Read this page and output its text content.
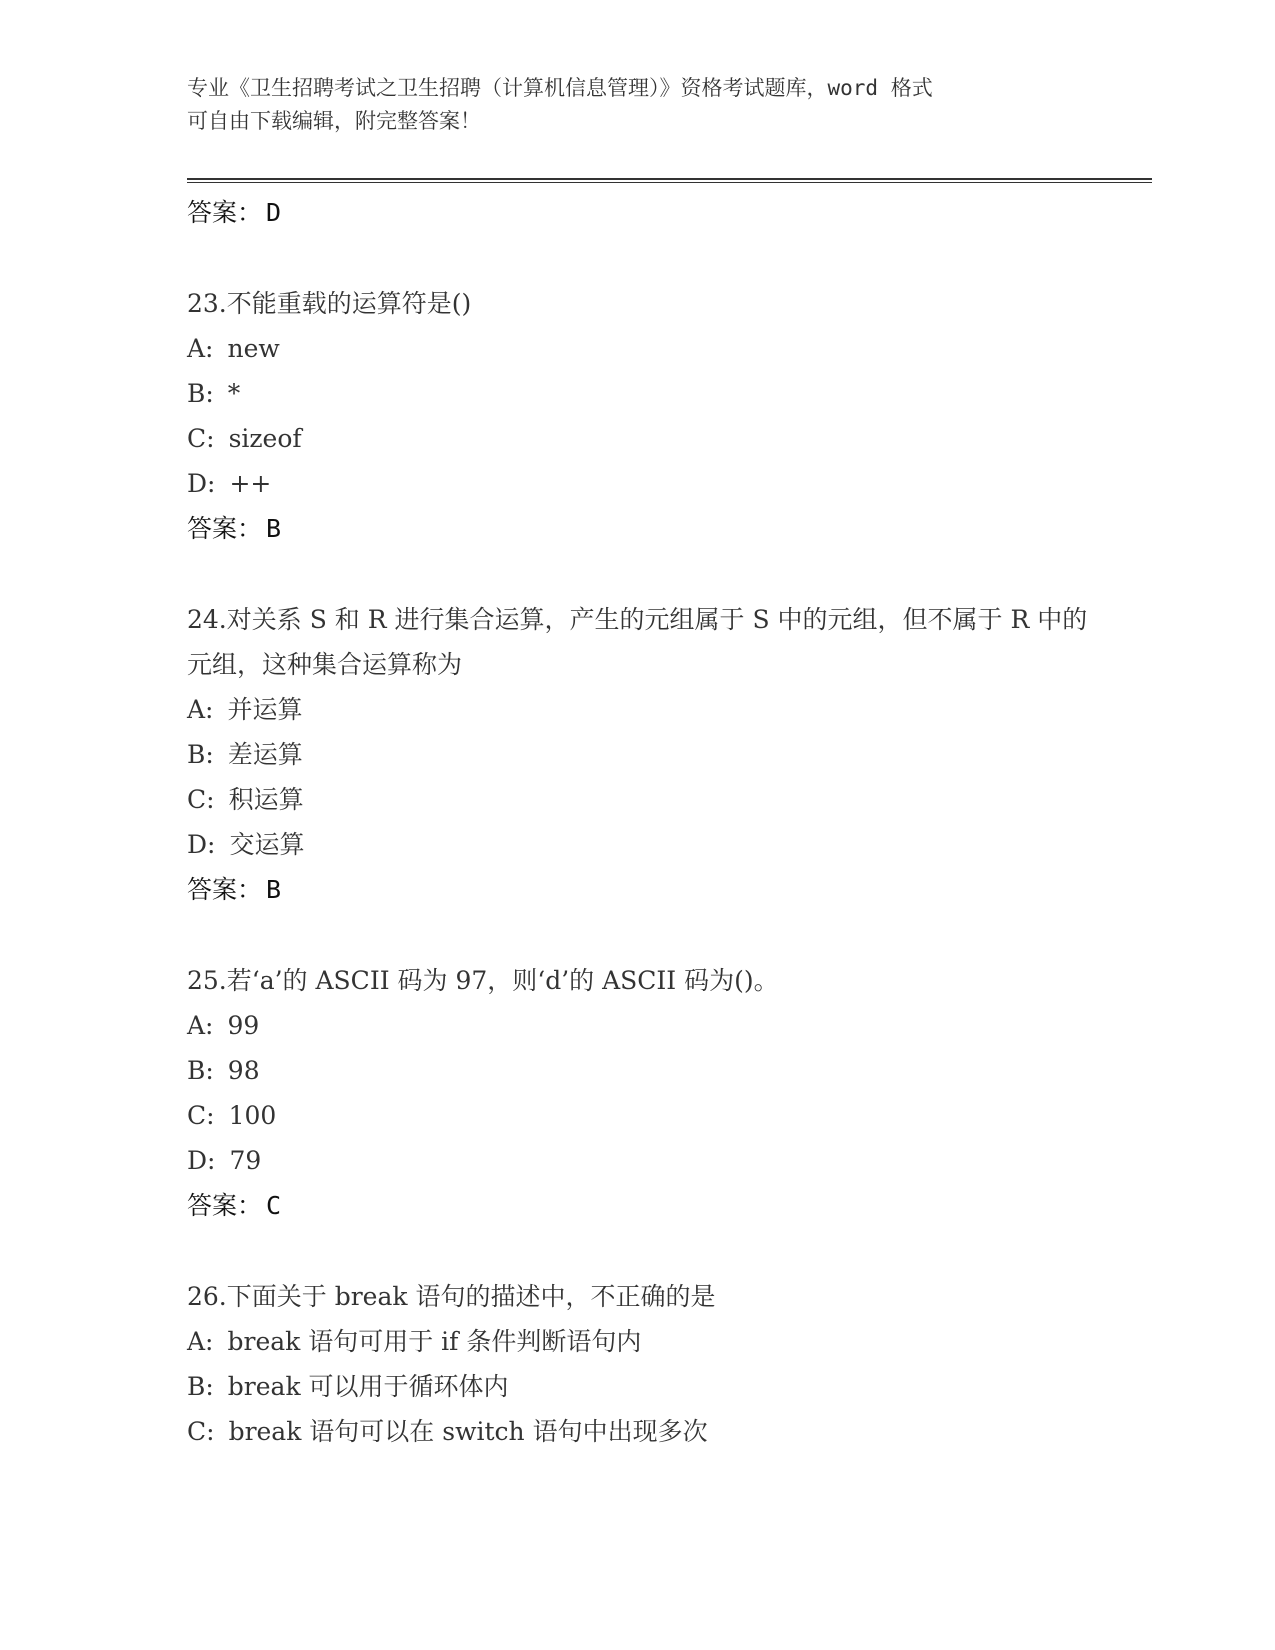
专业《卫生招聘考试之卫生招聘（计算机信息管理）》资格考试题库，word 格式
可自由下载编辑，附完整答案！
答案： D
23.不能重载的运算符是()
A: new
B: *
C: sizeof
D: ++
答案： B
24.对关系 S 和 R 进行集合运算，产生的元组属于 S 中的元组，但不属于 R 中的元组，这种集合运算称为
A: 并运算
B: 差运算
C: 积运算
D: 交运算
答案： B
25.若‘a’的 ASCII 码为 97，则‘d’的 ASCII 码为()。
A: 99
B: 98
C: 100
D: 79
答案： C
26.下面关于 break 语句的描述中，不正确的是
A: break 语句可用于 if 条件判断语句内
B: break 可以用于循环体内
C: break 语句可以在 switch 语句中出现多次
